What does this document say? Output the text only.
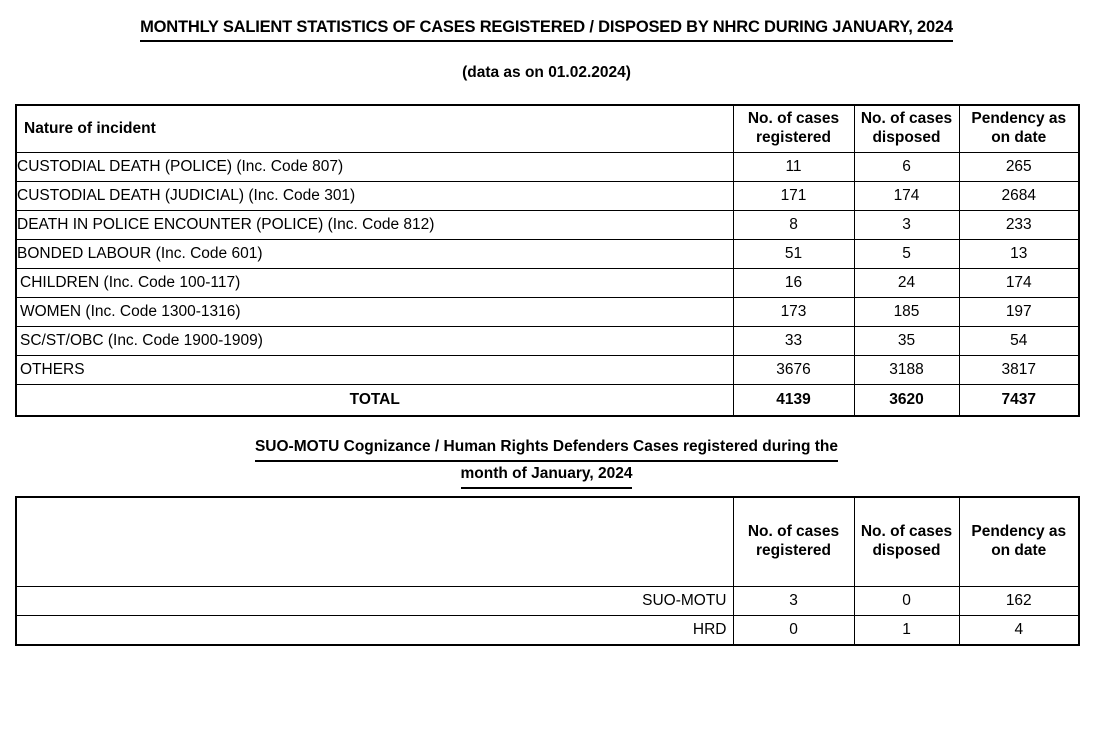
MONTHLY SALIENT STATISTICS OF CASES REGISTERED / DISPOSED BY NHRC DURING JANUARY, 2024
(data as on 01.02.2024)
Nature of incident	No. of cases registered	No. of cases disposed	Pendency as on date
CUSTODIAL DEATH (POLICE) (Inc. Code 807)	11	6	265
CUSTODIAL DEATH (JUDICIAL) (Inc. Code 301)	171	174	2684
DEATH IN POLICE ENCOUNTER (POLICE) (Inc. Code 812)	8	3	233
BONDED LABOUR (Inc. Code 601)	51	5	13
CHILDREN (Inc. Code 100-117)	16	24	174
WOMEN (Inc. Code 1300-1316)	173	185	197
SC/ST/OBC (Inc. Code 1900-1909)	33	35	54
OTHERS	3676	3188	3817
TOTAL	4139	3620	7437
SUO-MOTU Cognizance / Human Rights Defenders Cases registered during the
month of January, 2024
	No. of cases registered	No. of cases disposed	Pendency as on date
SUO-MOTU	3	0	162
HRD	0	1	4
